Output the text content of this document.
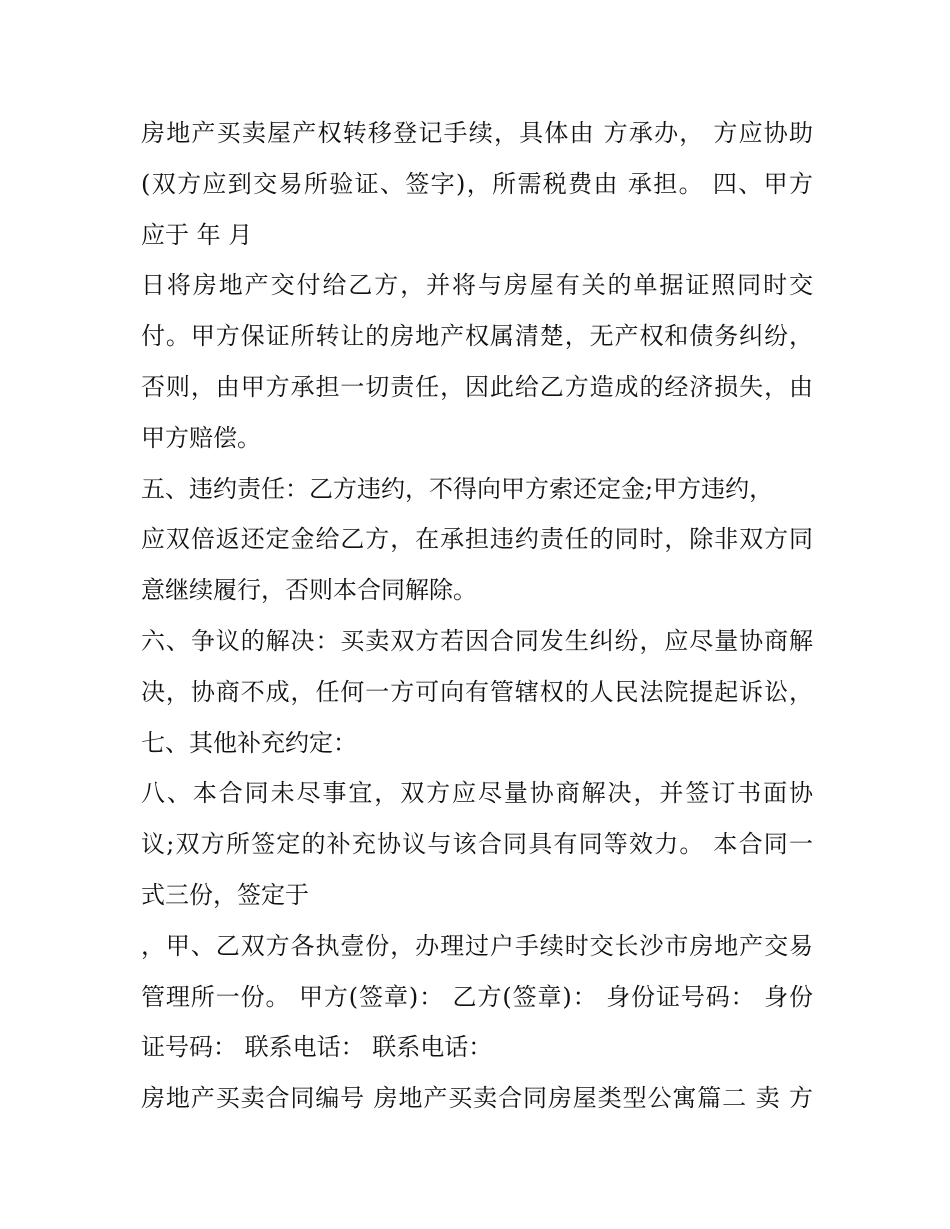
房地产买卖屋产权转移登记手续，具体由 方承办， 方应协助
(双方应到交易所验证、签字)，所需税费由 承担。 四、甲方
应于 年 月
日将房地产交付给乙方，并将与房屋有关的单据证照同时交
付。甲方保证所转让的房地产权属清楚，无产权和债务纠纷，
否则，由甲方承担一切责任，因此给乙方造成的经济损失，由
甲方赔偿。
五、违约责任：乙方违约，不得向甲方索还定金;甲方违约，
应双倍返还定金给乙方，在承担违约责任的同时，除非双方同
意继续履行，否则本合同解除。
六、争议的解决：买卖双方若因合同发生纠纷，应尽量协商解
决，协商不成，任何一方可向有管辖权的人民法院提起诉讼，
七、其他补充约定：
八、本合同未尽事宜，双方应尽量协商解决，并签订书面协
议;双方所签定的补充协议与该合同具有同等效力。 本合同一
式三份，签定于
，甲、乙双方各执壹份，办理过户手续时交长沙市房地产交易
管理所一份。 甲方(签章)： 乙方(签章)： 身份证号码： 身份
证号码： 联系电话： 联系电话：
房地产买卖合同编号 房地产买卖合同房屋类型公寓篇二 卖 方
